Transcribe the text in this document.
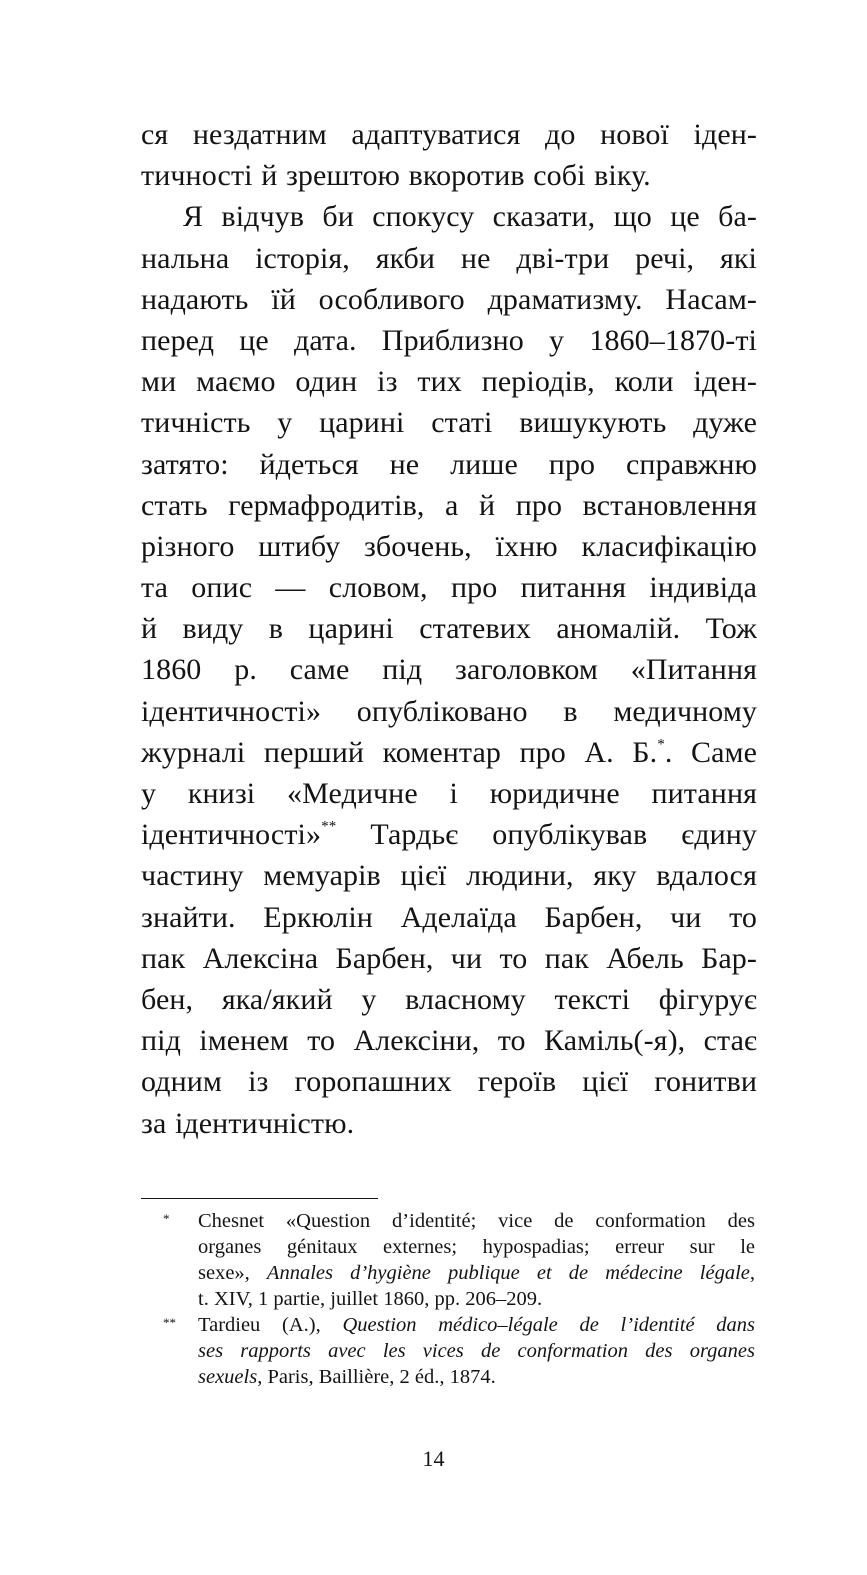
ся нездатним адаптуватися до нової іден-
тичності й зрештою вкоротив собі віку.
Я відчув би спокусу сказати, що це ба-
нальна історія, якби не дві-три речі, які
надають їй особливого драматизму. Насам-
перед це дата. Приблизно у 1860–1870-ті
ми маємо один із тих періодів, коли іден-
тичність у царині статі вишукують дуже
затято: йдеться не лише про справжню
стать гермафродитів, а й про встановлення
різного штибу збочень, їхню класифікацію
та опис — словом, про питання індивіда
й виду в царині статевих аномалій. Тож
1860 р. саме під заголовком «Питання
ідентичності» опубліковано в медичному
журналі перший коментар про А. Б.*. Саме
у книзі «Медичне і юридичне питання
ідентичності»** Тардьє опублікував єдину
частину мемуарів цієї людини, яку вдалося
знайти. Еркюлін Аделаїда Барбен, чи то
пак Алексіна Барбен, чи то пак Абель Бар-
бен, яка/який у власному тексті фігурує
під іменем то Алексіни, то Каміль(-я), стає
одним із горопашних героїв цієї гонитви
за ідентичністю.
* Chesnet «Question d’identité; vice de conformation des
organes génitaux externes; hypospadias; erreur sur le
sexe», Annales d’hygiène publique et de médecine légale,
t. XIV, 1 partie, juillet 1860, pp. 206–209.
** Tardieu (A.), Question médico–légale de l’identité dans
ses rapports avec les vices de conformation des organes
sexuels, Paris, Baillière, 2 éd., 1874.
14
